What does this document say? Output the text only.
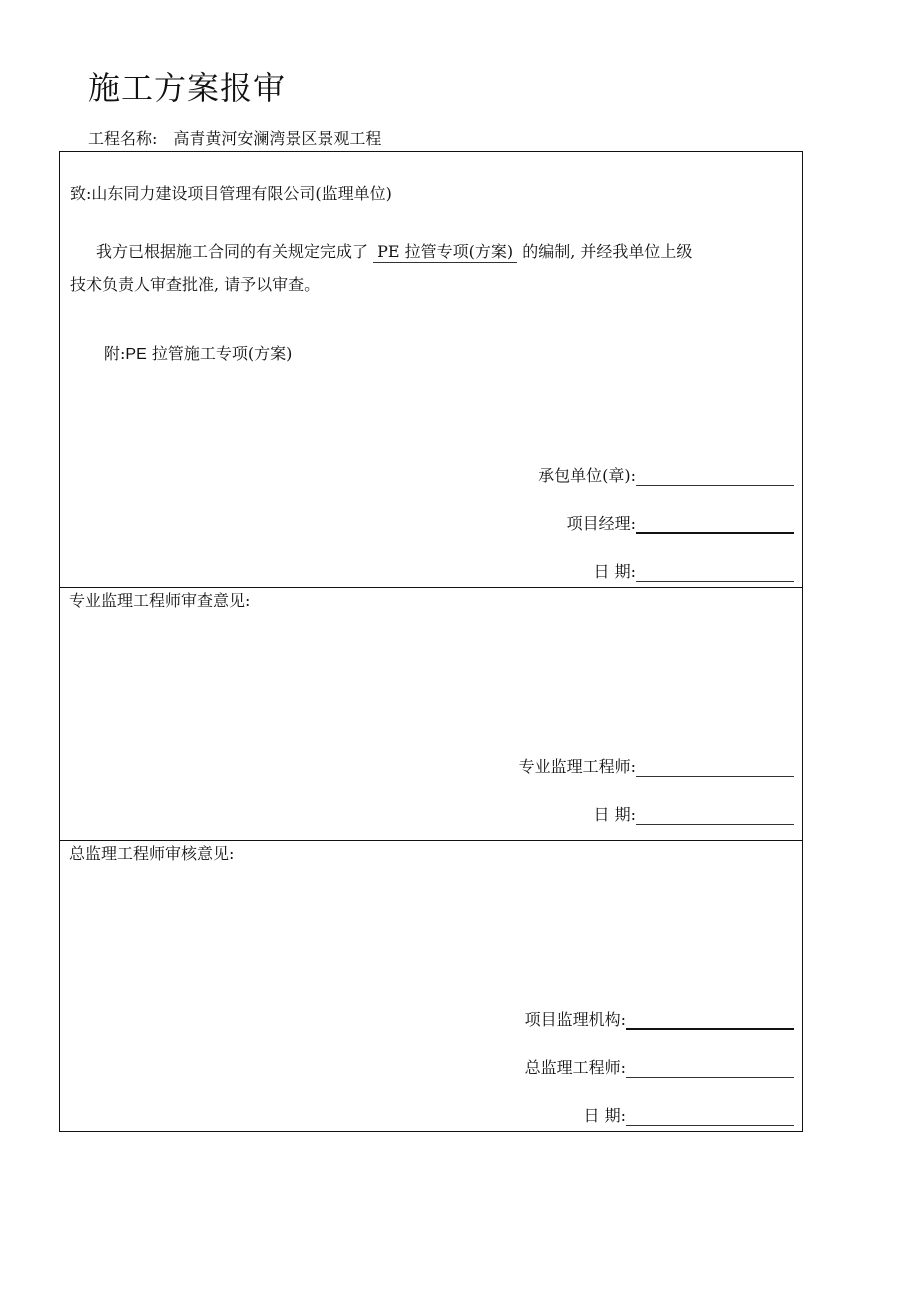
施工方案报审
工程名称: 高青黄河安澜湾景区景观工程
致:山东同力建设项目管理有限公司(监理单位)
我方已根据施工合同的有关规定完成了 PE 拉管专项(方案) 的编制, 并经我单位上级
技术负责人审查批准, 请予以审查。
附:PE 拉管施工专项(方案)
承包单位(章):
项目经理:
日 期:
专业监理工程师审查意见:
专业监理工程师:
日 期:
总监理工程师审核意见:
项目监理机构:
总监理工程师:
日 期:
